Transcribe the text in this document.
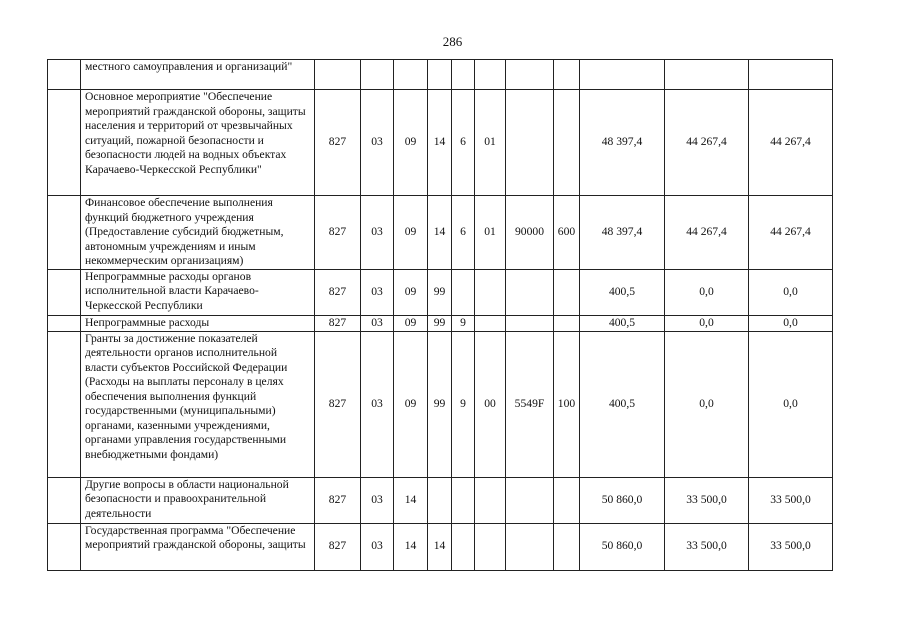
286
	местного самоуправления и организаций"											
	Основное мероприятие "Обеспечение мероприятий гражданской обороны, защиты населения и территорий от чрезвычайных ситуаций, пожарной безопасности и безопасности людей на водных объектах Карачаево-Черкесской Республики"	827	03	09	14	6	01			48 397,4	44 267,4	44 267,4
	Финансовое обеспечение выполнения функций бюджетного учреждения (Предоставление субсидий бюджетным, автономным учреждениям и иным некоммерческим организациям)	827	03	09	14	6	01	90000	600	48 397,4	44 267,4	44 267,4
	Непрограммные расходы органов исполнительной власти Карачаево-Черкесской Республики	827	03	09	99					400,5	0,0	0,0
	Непрограммные расходы	827	03	09	99	9				400,5	0,0	0,0
	Гранты за достижение показателей деятельности органов исполнительной власти субъектов Российской Федерации (Расходы на выплаты персоналу в целях обеспечения выполнения функций государственными (муниципальными) органами, казенными учреждениями, органами управления государственными внебюджетными фондами)	827	03	09	99	9	00	5549F	100	400,5	0,0	0,0
	Другие вопросы в области национальной безопасности и правоохранительной деятельности	827	03	14						50 860,0	33 500,0	33 500,0
	Государственная программа "Обеспечение мероприятий гражданской обороны, защиты	827	03	14	14					50 860,0	33 500,0	33 500,0
